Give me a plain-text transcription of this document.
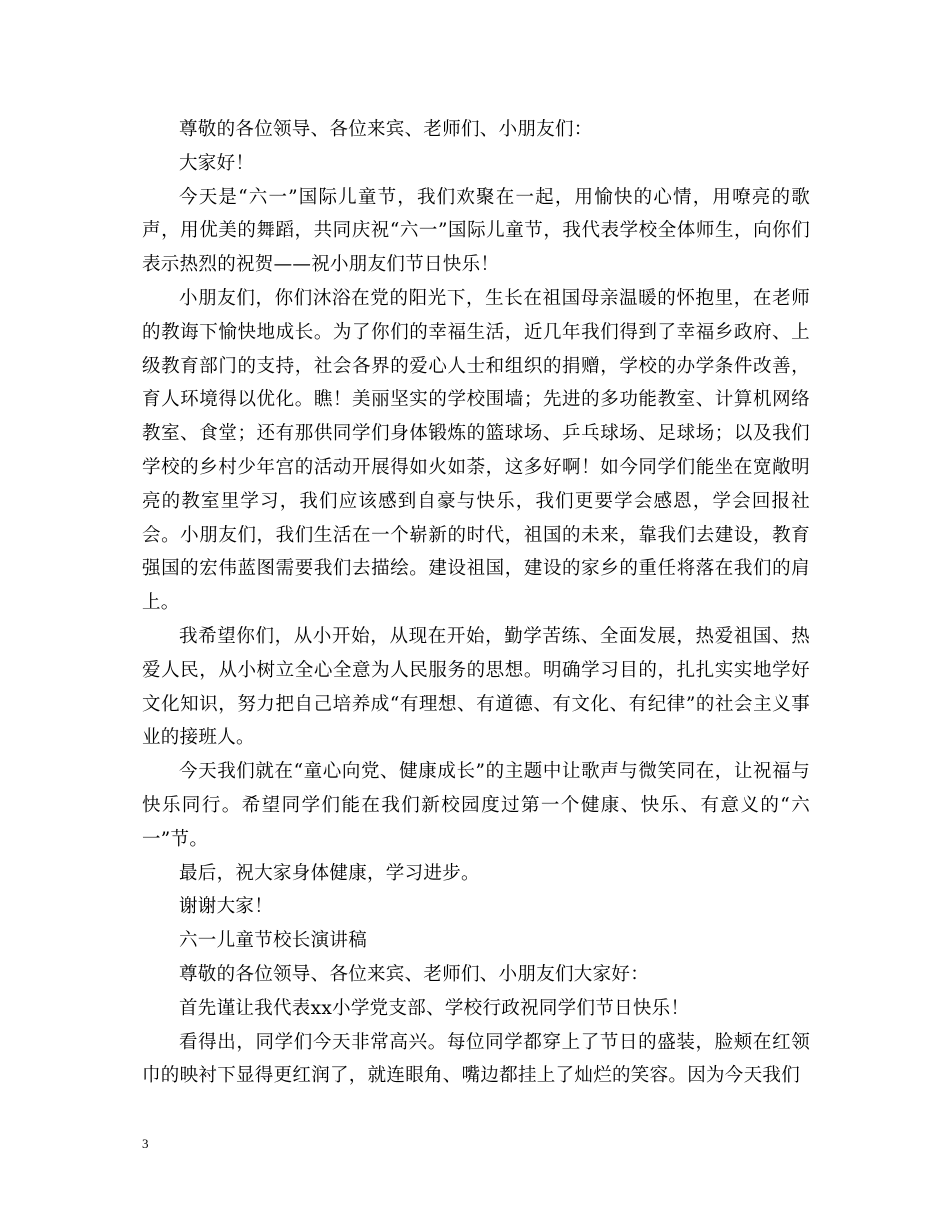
尊敬的各位领导、各位来宾、老师们、小朋友们：

大家好！

今天是“六一”国际儿童节，我们欢聚在一起，用愉快的心情，用嘹亮的歌声，用优美的舞蹈，共同庆祝“六一”国际儿童节，我代表学校全体师生，向你们表示热烈的祝贺——祝小朋友们节日快乐！

小朋友们，你们沐浴在党的阳光下，生长在祖国母亲温暖的怀抱里，在老师的教诲下愉快地成长。为了你们的幸福生活，近几年我们得到了幸福乡政府、上级教育部门的支持，社会各界的爱心人士和组织的捐赠，学校的办学条件改善，育人环境得以优化。瞧！美丽坚实的学校围墙；先进的多功能教室、计算机网络教室、食堂；还有那供同学们身体锻炼的篮球场、乒乓球场、足球场；以及我们学校的乡村少年宫的活动开展得如火如荼，这多好啊！如今同学们能坐在宽敞明亮的教室里学习，我们应该感到自豪与快乐，我们更要学会感恩，学会回报社会。小朋友们，我们生活在一个崭新的时代，祖国的未来，靠我们去建设，教育强国的宏伟蓝图需要我们去描绘。建设祖国，建设的家乡的重任将落在我们的肩上。

我希望你们，从小开始，从现在开始，勤学苦练、全面发展，热爱祖国、热爱人民，从小树立全心全意为人民服务的思想。明确学习目的，扎扎实实地学好文化知识，努力把自己培养成“有理想、有道德、有文化、有纪律”的社会主义事业的接班人。

今天我们就在“童心向党、健康成长”的主题中让歌声与微笑同在，让祝福与快乐同行。希望同学们能在我们新校园度过第一个健康、快乐、有意义的“六一”节。

最后，祝大家身体健康，学习进步。

谢谢大家！

六一儿童节校长演讲稿

尊敬的各位领导、各位来宾、老师们、小朋友们大家好：

首先谨让我代表xx小学党支部、学校行政祝同学们节日快乐！

看得出，同学们今天非常高兴。每位同学都穿上了节日的盛装，脸颊在红领巾的映衬下显得更红润了，就连眼角、嘴边都挂上了灿烂的笑容。因为今天我们

3
